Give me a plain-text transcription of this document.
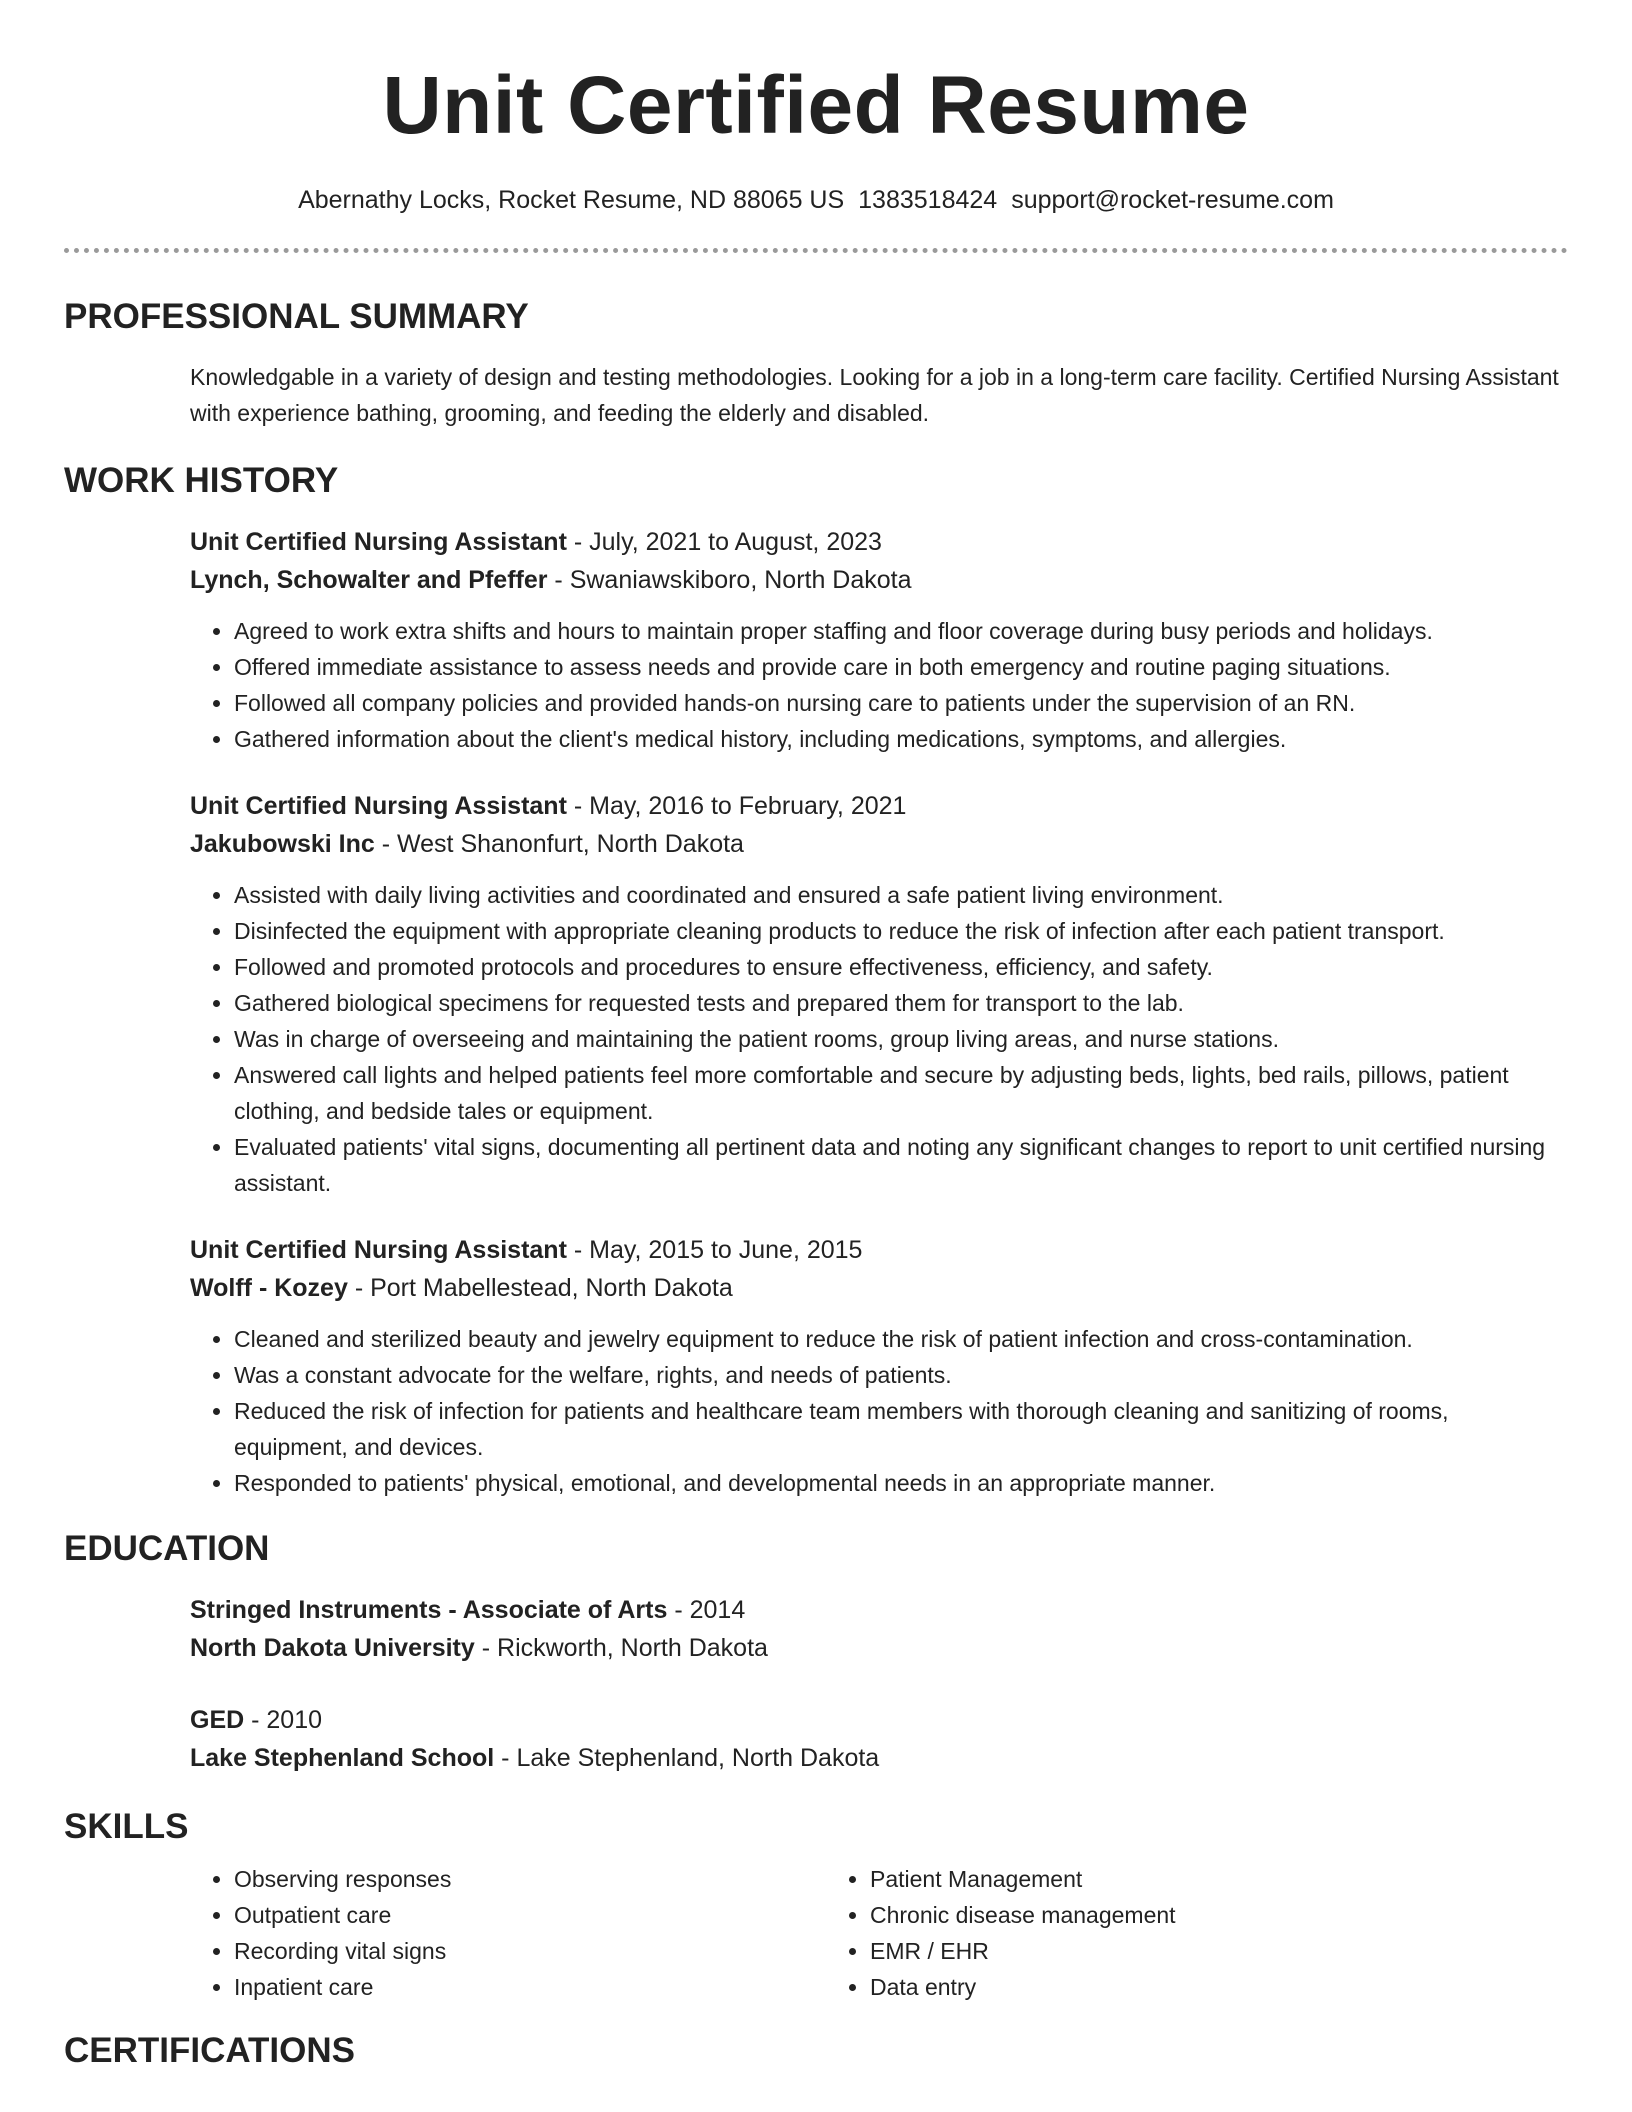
Unit Certified Resume
Abernathy Locks, Rocket Resume, ND 88065 US 1383518424 support@rocket-resume.com
PROFESSIONAL SUMMARY
Knowledgable in a variety of design and testing methodologies. Looking for a job in a long-term care facility. Certified Nursing Assistant with experience bathing, grooming, and feeding the elderly and disabled.
WORK HISTORY
Unit Certified Nursing Assistant - July, 2021 to August, 2023
Lynch, Schowalter and Pfeffer - Swaniawskiboro, North Dakota
• Agreed to work extra shifts and hours to maintain proper staffing and floor coverage during busy periods and holidays.
• Offered immediate assistance to assess needs and provide care in both emergency and routine paging situations.
• Followed all company policies and provided hands-on nursing care to patients under the supervision of an RN.
• Gathered information about the client's medical history, including medications, symptoms, and allergies.
Unit Certified Nursing Assistant - May, 2016 to February, 2021
Jakubowski Inc - West Shanonfurt, North Dakota
• Assisted with daily living activities and coordinated and ensured a safe patient living environment.
• Disinfected the equipment with appropriate cleaning products to reduce the risk of infection after each patient transport.
• Followed and promoted protocols and procedures to ensure effectiveness, efficiency, and safety.
• Gathered biological specimens for requested tests and prepared them for transport to the lab.
• Was in charge of overseeing and maintaining the patient rooms, group living areas, and nurse stations.
• Answered call lights and helped patients feel more comfortable and secure by adjusting beds, lights, bed rails, pillows, patient clothing, and bedside tales or equipment.
• Evaluated patients' vital signs, documenting all pertinent data and noting any significant changes to report to unit certified nursing assistant.
Unit Certified Nursing Assistant - May, 2015 to June, 2015
Wolff - Kozey - Port Mabellestead, North Dakota
• Cleaned and sterilized beauty and jewelry equipment to reduce the risk of patient infection and cross-contamination.
• Was a constant advocate for the welfare, rights, and needs of patients.
• Reduced the risk of infection for patients and healthcare team members with thorough cleaning and sanitizing of rooms, equipment, and devices.
• Responded to patients' physical, emotional, and developmental needs in an appropriate manner.
EDUCATION
Stringed Instruments - Associate of Arts - 2014
North Dakota University - Rickworth, North Dakota
GED - 2010
Lake Stephenland School - Lake Stephenland, North Dakota
SKILLS
• Observing responses
• Outpatient care
• Recording vital signs
• Inpatient care
• Patient Management
• Chronic disease management
• EMR / EHR
• Data entry
CERTIFICATIONS
